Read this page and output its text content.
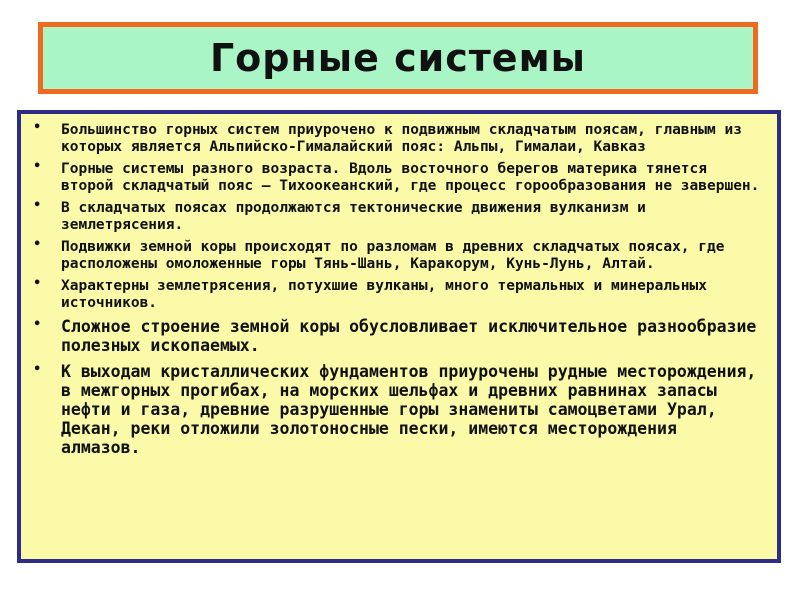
Горные системы
• Большинство горных систем приурочено к подвижным складчатым поясам, главным из которых является Альпийско-Гималайский пояс: Альпы, Гималаи, Кавказ
• Горные системы разного возраста. Вдоль восточного берегов материка тянется второй складчатый пояс — Тихоокеанский, где процесс горообразования не завершен.
• В складчатых поясах продолжаются тектонические движения вулканизм и землетрясения.
• Подвижки земной коры происходят по разломам в древних складчатых поясах, где расположены омоложенные горы Тянь-Шань, Каракорум, Кунь-Лунь, Алтай.
• Характерны землетрясения, потухшие вулканы, много термальных и минеральных источников.
• Сложное строение земной коры обусловливает исключительное разнообразие полезных ископаемых.
• К выходам кристаллических фундаментов приурочены рудные месторождения, в межгорных прогибах, на морских шельфах и древних равнинах запасы нефти и газа, древние разрушенные горы знамениты самоцветами Урал, Декан, реки отложили золотоносные пески, имеются месторождения алмазов.
